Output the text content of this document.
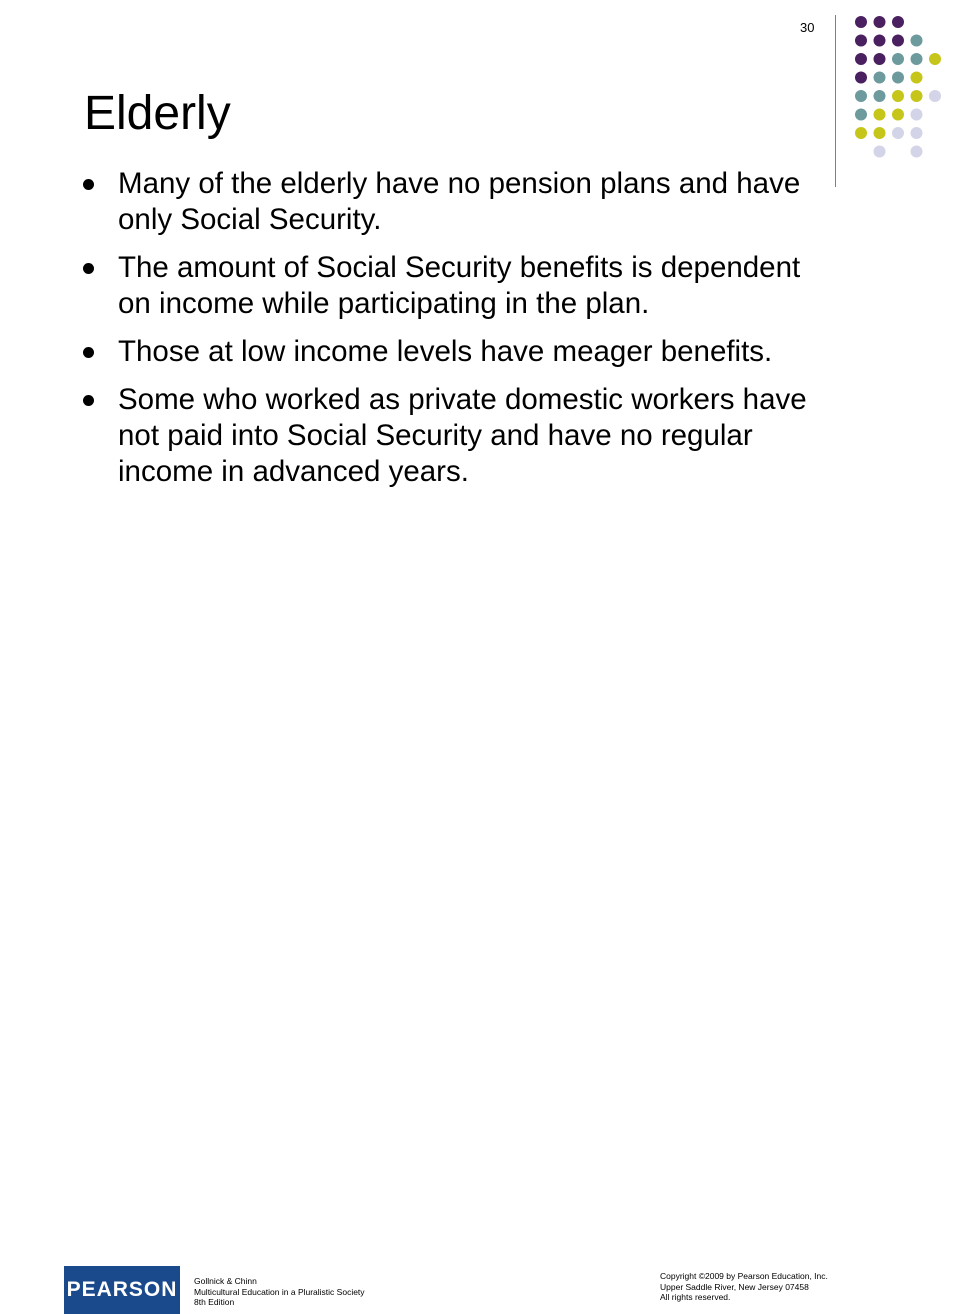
30
Elderly
Many of the elderly have no pension plans and have only Social Security.
The amount of Social Security benefits is dependent on income while participating in the plan.
Those at low income levels have meager benefits.
Some who worked as private domestic workers have not paid into Social Security and have no regular income in advanced years.
PEARSON	Gollnick & Chinn
Multicultural Education in a Pluralistic Society
8th Edition
Copyright ©2009 by Pearson Education, Inc.
Upper Saddle River, New Jersey 07458
All rights reserved.
